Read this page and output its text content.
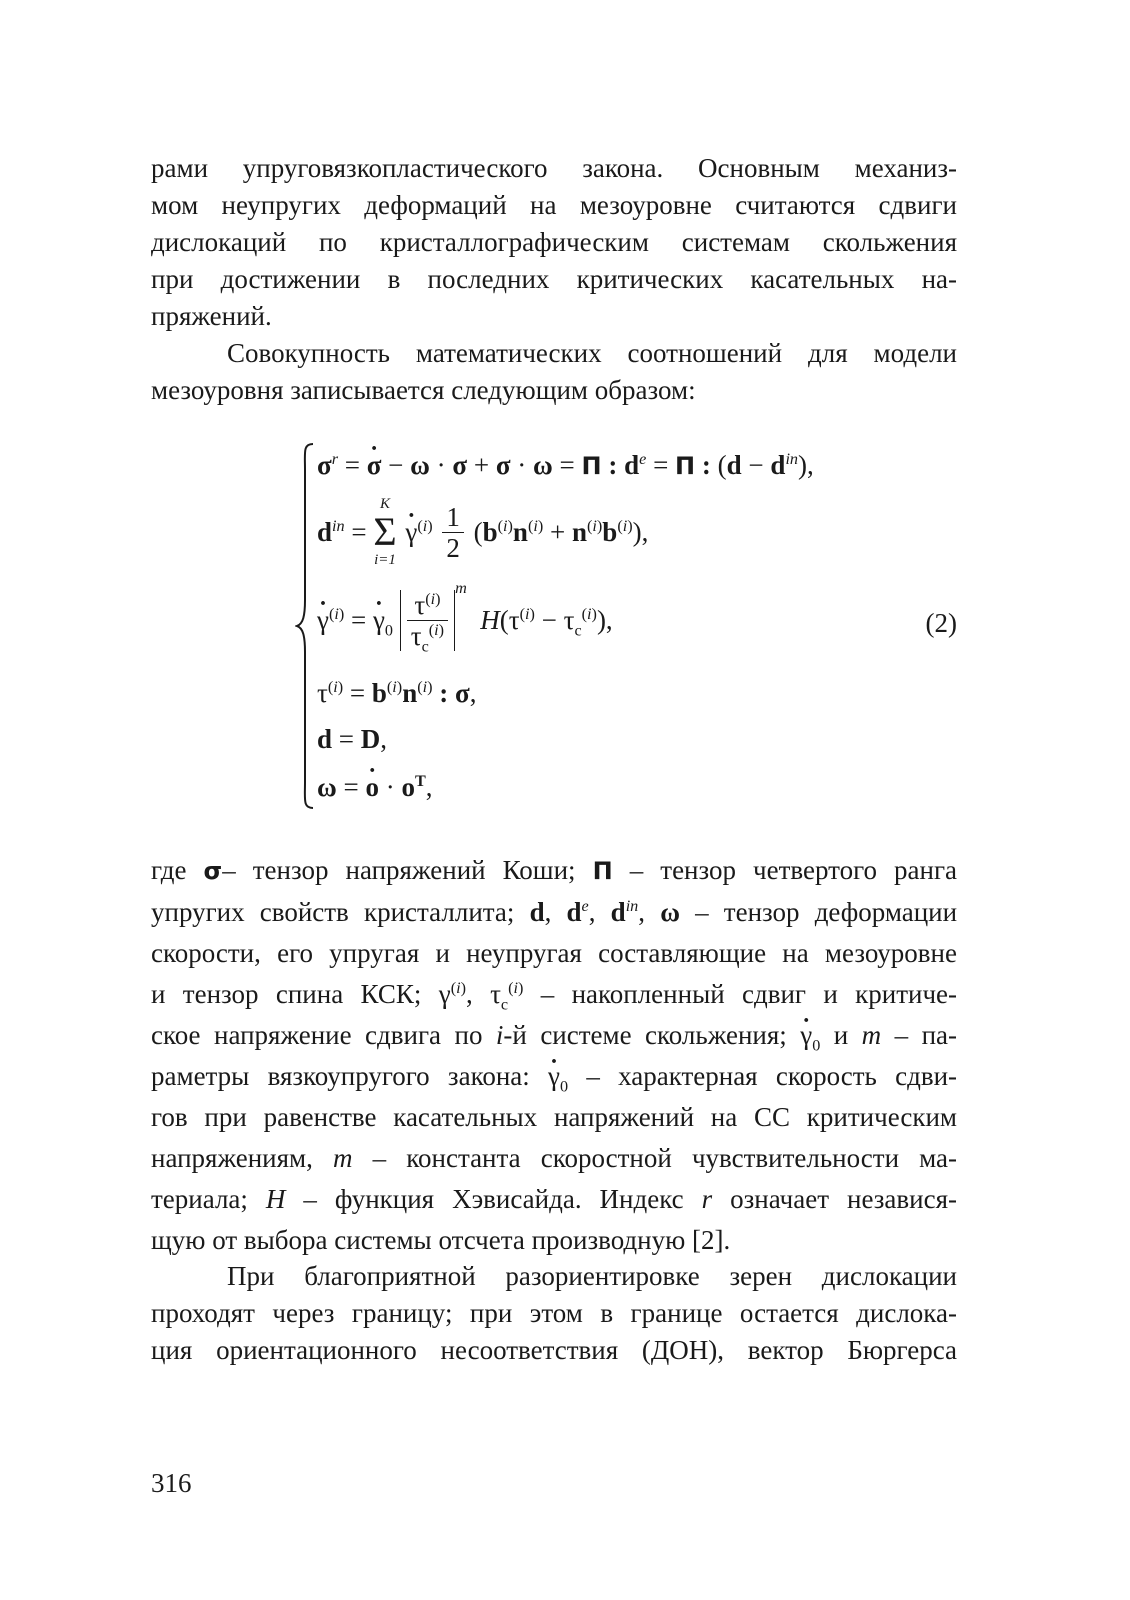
рами упруговязкопластического закона. Основным механиз-
мом неупругих деформаций на мезоуровне считаются сдвиги
дислокаций по кристаллографическим системам скольжения
при достижении в последних критических касательных на-
пряжений.

Совокупность математических соотношений для модели
мезоуровня записывается следующим образом:

$\sigma^r = \sigma$ · − ω · σ + σ · ω = Π : $d^e = \Pi$ : $(d - d^{in})$,
$d^{in}$ =
K
Σ
i=1
$\gamma \cdot^{(i)} \frac{1}{2} (b^{(i)}n^{(i)} + n^{(i)}b^{(i)})$,
$\gamma \cdot^{(i)} = \gamma \cdot_0 \frac{\tau^{(i)}}{\tau_c^{(i)}}$
$^m$  $H(\tau^{(i)} - \tau_c^{(i)})$,
$\tau^{(i)} = b^{(i)}n^{(i)}$ : σ,
d = D,
ω = o · · $o^T$,
(2)

где σ– тензор напряжений Коши; Π – тензор четвертого ранга
упругих свойств кристаллита; d, $d^e$, $d^{in}$, ω – тензор деформации
скорости, его упругая и неупругая составляющие на мезоуровне
и тензор спина КСК; $\gamma^{(i)}$, $\tau_c^{(i)}$ – накопленный сдвиг и критиче-
ское напряжение сдвига по i-й системе скольжения; $\gamma \cdot_0$ и m – па-
раметры вязкоупругого закона: $\gamma \cdot_0$ – характерная скорость сдви-
гов при равенстве касательных напряжений на СС критическим
напряжениям, m – константа скоростной чувствительности ма-
териала; H – функция Хэвисайда. Индекс r означает независя-
щую от выбора системы отсчета производную [2].

При благоприятной разориентировке зерен дислокации
проходят через границу; при этом в границе остается дислока-
ция ориентационного несоответствия (ДОН), вектор Бюргерса

316
